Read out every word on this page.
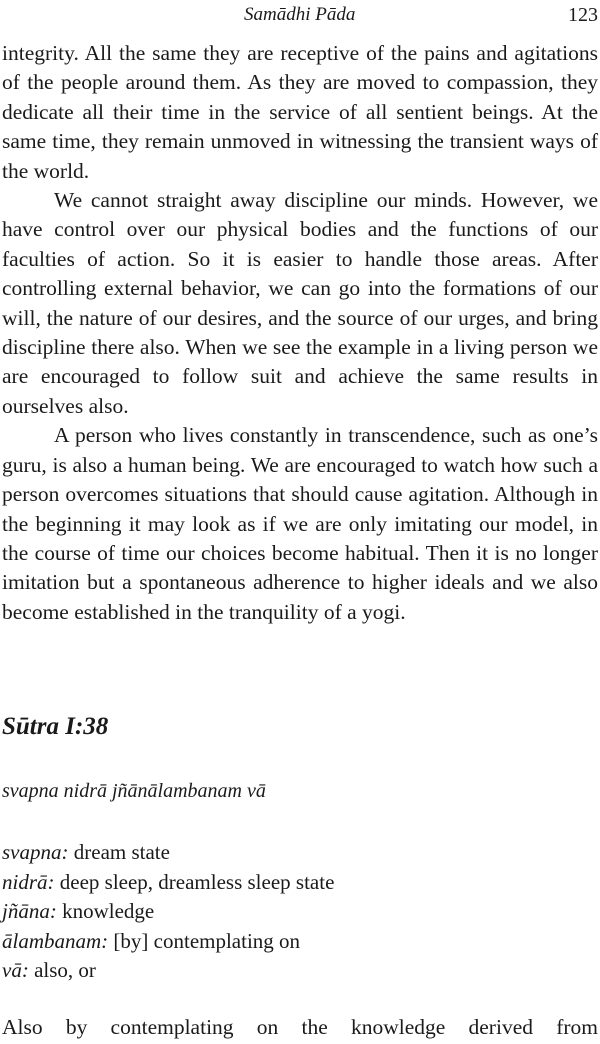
Samādhi Pāda	123

integrity. All the same they are receptive of the pains and agitations of the people around them. As they are moved to compassion, they dedicate all their time in the service of all sentient beings. At the same time, they remain unmoved in witnessing the transient ways of the world.

We cannot straight away discipline our minds. However, we have control over our physical bodies and the functions of our faculties of action. So it is easier to handle those areas. After controlling external behavior, we can go into the formations of our will, the nature of our desires, and the source of our urges, and bring discipline there also. When we see the example in a living person we are encouraged to follow suit and achieve the same results in ourselves also.

A person who lives constantly in transcendence, such as one’s guru, is also a human being. We are encouraged to watch how such a person overcomes situations that should cause agitation. Although in the beginning it may look as if we are only imitating our model, in the course of time our choices become habitual. Then it is no longer imitation but a spontaneous adherence to higher ideals and we also become established in the tranquility of a yogi.

Sūtra I:38
svapna nidrā jñānālambanam vā
svapna: dream state
nidrā: deep sleep, dreamless sleep state
jñāna: knowledge
ālambanam: [by] contemplating on
vā: also, or
Also by contemplating on the knowledge derived from
